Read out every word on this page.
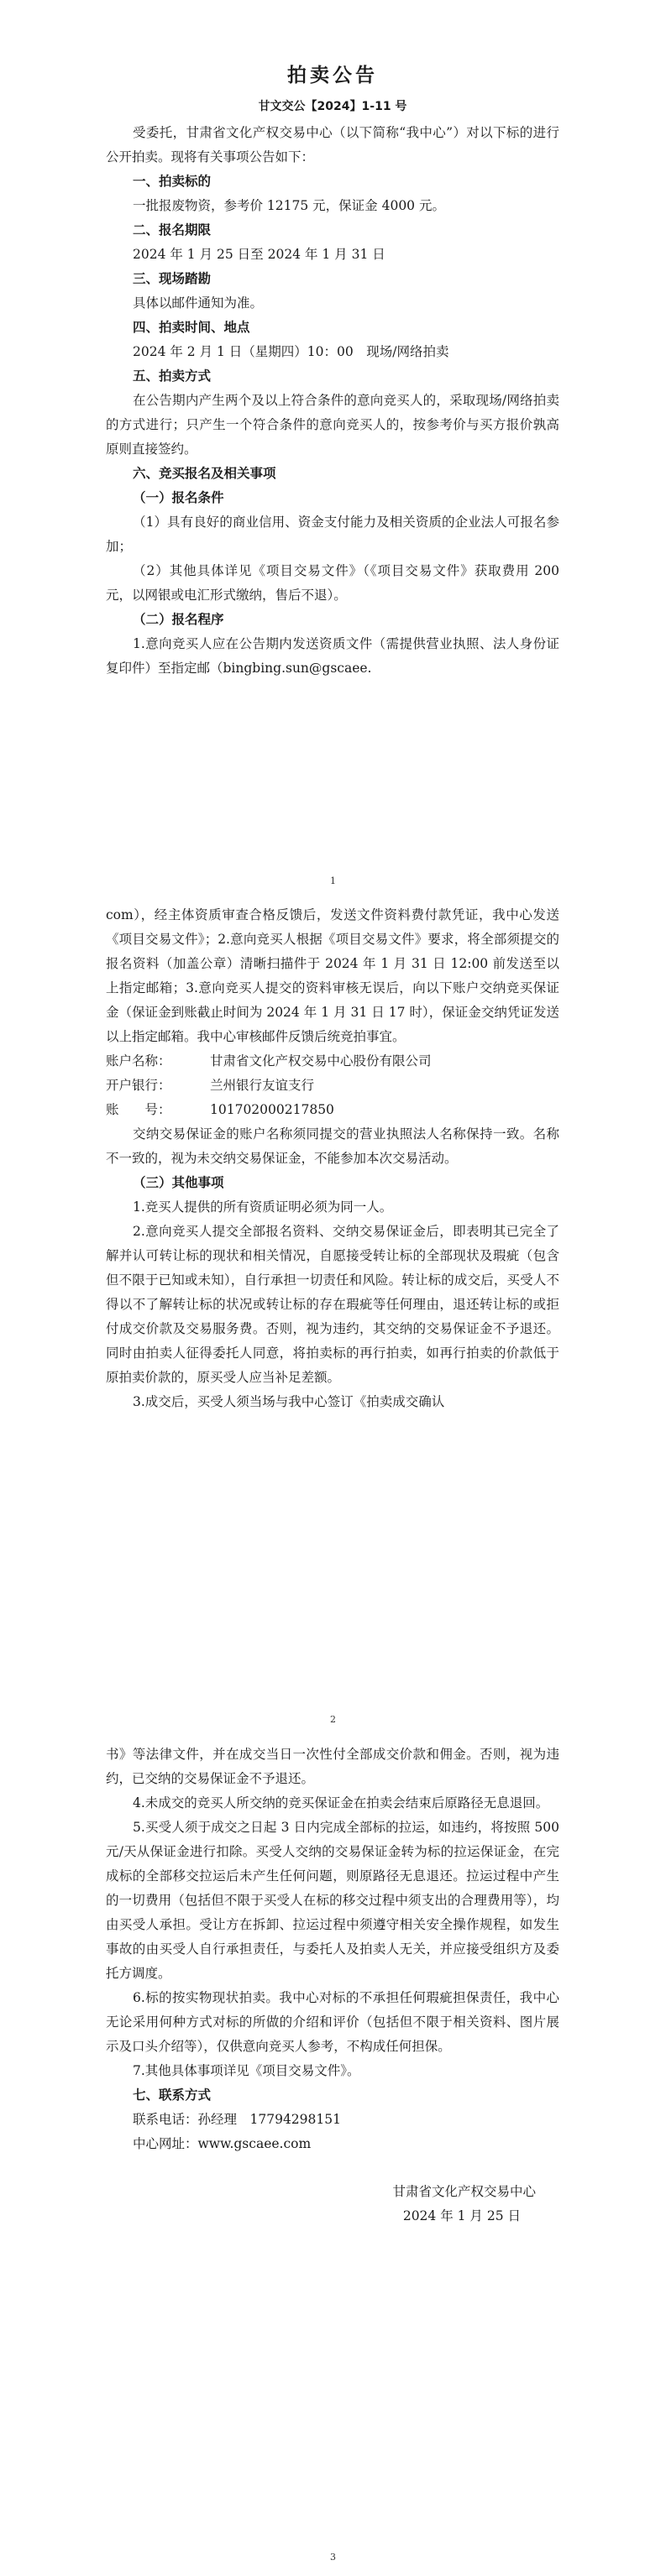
拍卖公告
甘文交公【2024】1-11 号

受委托，甘肃省文化产权交易中心（以下简称“我中心”）对以下标的进行公开拍卖。现将有关事项公告如下：

一、拍卖标的

一批报废物资，参考价 12175 元，保证金 4000 元。

二、报名期限

2024 年 1 月 25 日至 2024 年 1 月 31 日

三、现场踏勘

具体以邮件通知为准。

四、拍卖时间、地点

2024 年 2 月 1 日（星期四）10：00　现场/网络拍卖

五、拍卖方式

在公告期内产生两个及以上符合条件的意向竞买人的，采取现场/网络拍卖的方式进行；只产生一个符合条件的意向竞买人的，按参考价与买方报价孰高原则直接签约。

六、竞买报名及相关事项

（一）报名条件

（1）具有良好的商业信用、资金支付能力及相关资质的企业法人可报名参加；

（2）其他具体详见《项目交易文件》（《项目交易文件》获取费用 200 元，以网银或电汇形式缴纳，售后不退）。

（二）报名程序

1.意向竞买人应在公告期内发送资质文件（需提供营业执照、法人身份证复印件）至指定邮（bingbing.sun@gscaee.

1

com），经主体资质审查合格反馈后，发送文件资料费付款凭证，我中心发送《项目交易文件》；2.意向竞买人根据《项目交易文件》要求，将全部须提交的报名资料（加盖公章）清晰扫描件于 2024 年 1 月 31 日 12:00 前发送至以上指定邮箱；3.意向竞买人提交的资料审核无误后，向以下账户交纳竞买保证金（保证金到账截止时间为 2024 年 1 月 31 日 17 时），保证金交纳凭证发送以上指定邮箱。我中心审核邮件反馈后统竞拍事宜。

账户名称：	甘肃省文化产权交易中心股份有限公司

开户银行：	兰州银行友谊支行

账　　号：	101702000217850

交纳交易保证金的账户名称须同提交的营业执照法人名称保持一致。名称不一致的，视为未交纳交易保证金，不能参加本次交易活动。

（三）其他事项

1.竞买人提供的所有资质证明必须为同一人。

2.意向竞买人提交全部报名资料、交纳交易保证金后，即表明其已完全了解并认可转让标的现状和相关情况，自愿接受转让标的全部现状及瑕疵（包含但不限于已知或未知），自行承担一切责任和风险。转让标的成交后，买受人不得以不了解转让标的状况或转让标的存在瑕疵等任何理由，退还转让标的或拒付成交价款及交易服务费。否则，视为违约，其交纳的交易保证金不予退还。同时由拍卖人征得委托人同意，将拍卖标的再行拍卖，如再行拍卖的价款低于原拍卖价款的，原买受人应当补足差额。

3.成交后，买受人须当场与我中心签订《拍卖成交确认

2

书》等法律文件，并在成交当日一次性付全部成交价款和佣金。否则，视为违约，已交纳的交易保证金不予退还。

4.未成交的竞买人所交纳的竞买保证金在拍卖会结束后原路径无息退回。

5.买受人须于成交之日起 3 日内完成全部标的拉运，如违约，将按照 500 元/天从保证金进行扣除。买受人交纳的交易保证金转为标的拉运保证金，在完成标的全部移交拉运后未产生任何问题，则原路径无息退还。拉运过程中产生的一切费用（包括但不限于买受人在标的移交过程中须支出的合理费用等），均由买受人承担。受让方在拆卸、拉运过程中须遵守相关安全操作规程，如发生事故的由买受人自行承担责任，与委托人及拍卖人无关，并应接受组织方及委托方调度。

6.标的按实物现状拍卖。我中心对标的不承担任何瑕疵担保责任，我中心无论采用何种方式对标的所做的介绍和评价（包括但不限于相关资料、图片展示及口头介绍等），仅供意向竞买人参考，不构成任何担保。

7.其他具体事项详见《项目交易文件》。

七、联系方式

联系电话：孙经理　17794298151

中心网址：www.gscaee.com

甘肃省文化产权交易中心

2024 年 1 月 25 日

3
